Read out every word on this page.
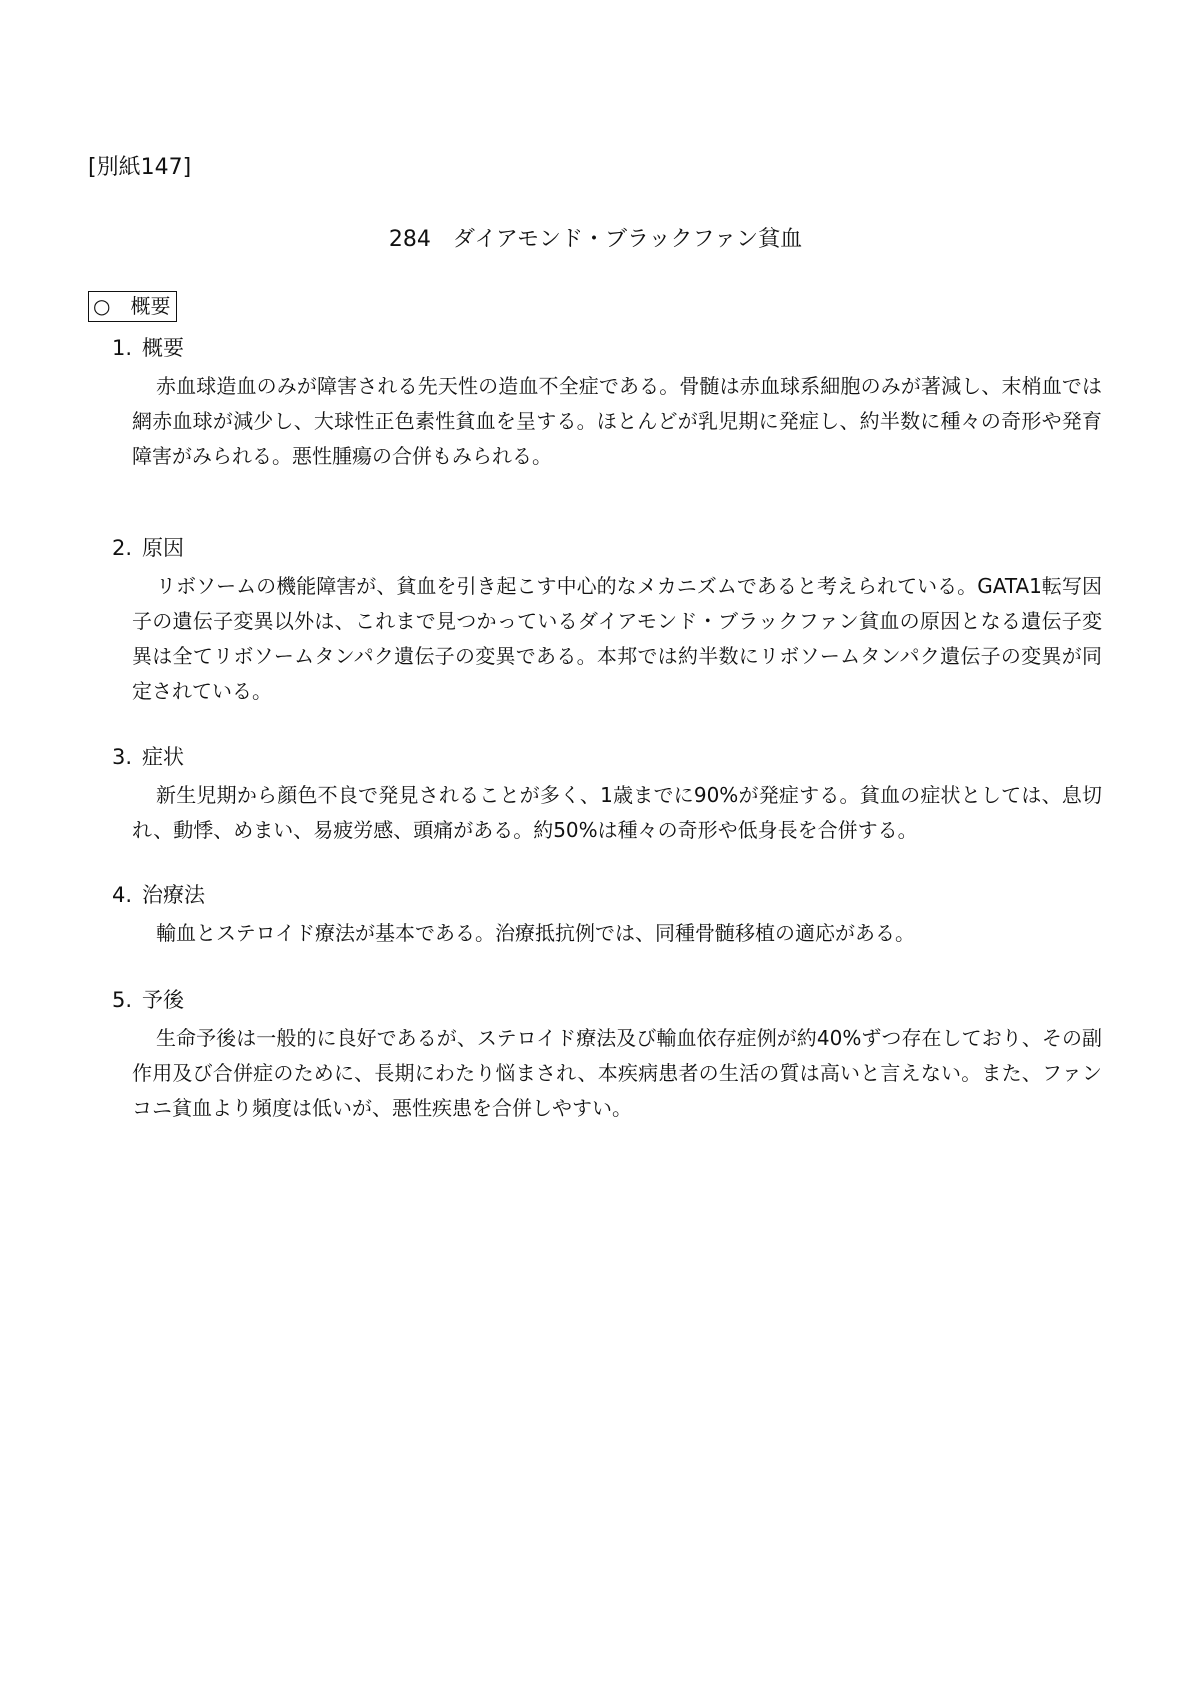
[別紙147]
284 ダイアモンド・ブラックファン貧血
○ 概要

1. 概要

赤血球造血のみが障害される先天性の造血不全症である。骨髄は赤血球系細胞のみが著減し、末梢血では網赤血球が減少し、大球性正色素性貧血を呈する。ほとんどが乳児期に発症し、約半数に種々の奇形や発育障害がみられる。悪性腫瘍の合併もみられる。

2. 原因

リボソームの機能障害が、貧血を引き起こす中心的なメカニズムであると考えられている。GATA1転写因子の遺伝子変異以外は、これまで見つかっているダイアモンド・ブラックファン貧血の原因となる遺伝子変異は全てリボソームタンパク遺伝子の変異である。本邦では約半数にリボソームタンパク遺伝子の変異が同定されている。

3. 症状

新生児期から顔色不良で発見されることが多く、1歳までに90%が発症する。貧血の症状としては、息切れ、動悸、めまい、易疲労感、頭痛がある。約50%は種々の奇形や低身長を合併する。

4. 治療法

輸血とステロイド療法が基本である。治療抵抗例では、同種骨髄移植の適応がある。

5. 予後

生命予後は一般的に良好であるが、ステロイド療法及び輸血依存症例が約40%ずつ存在しており、その副作用及び合併症のために、長期にわたり悩まされ、本疾病患者の生活の質は高いと言えない。また、ファンコニ貧血より頻度は低いが、悪性疾患を合併しやすい。
